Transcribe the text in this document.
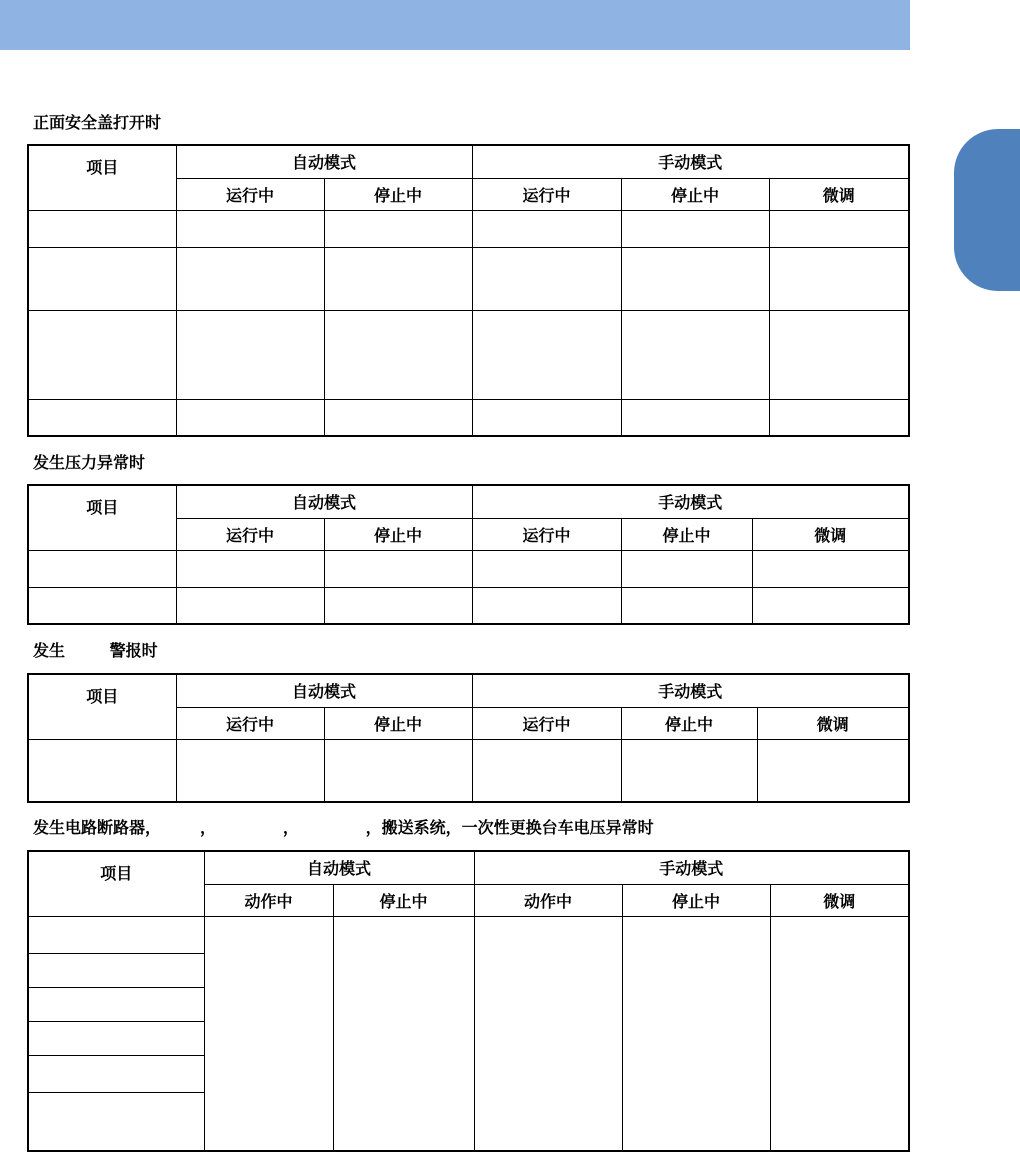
正面安全盖打开时
项目	自动模式		手动模式		
	运行中	停止中	运行中	停止中	微调

发生压力异常时
项目	自动模式		手动模式		
	运行中	停止中	运行中	停止中	微调

发生        警报时
项目	自动模式		手动模式		
	运行中	停止中	运行中	停止中	微调

发生电路断路器，       ，            ，            ，搬送系统，一次性更换台车电压异常时
项目	自动模式		手动模式		
	动作中	停止中	动作中	停止中	微调
